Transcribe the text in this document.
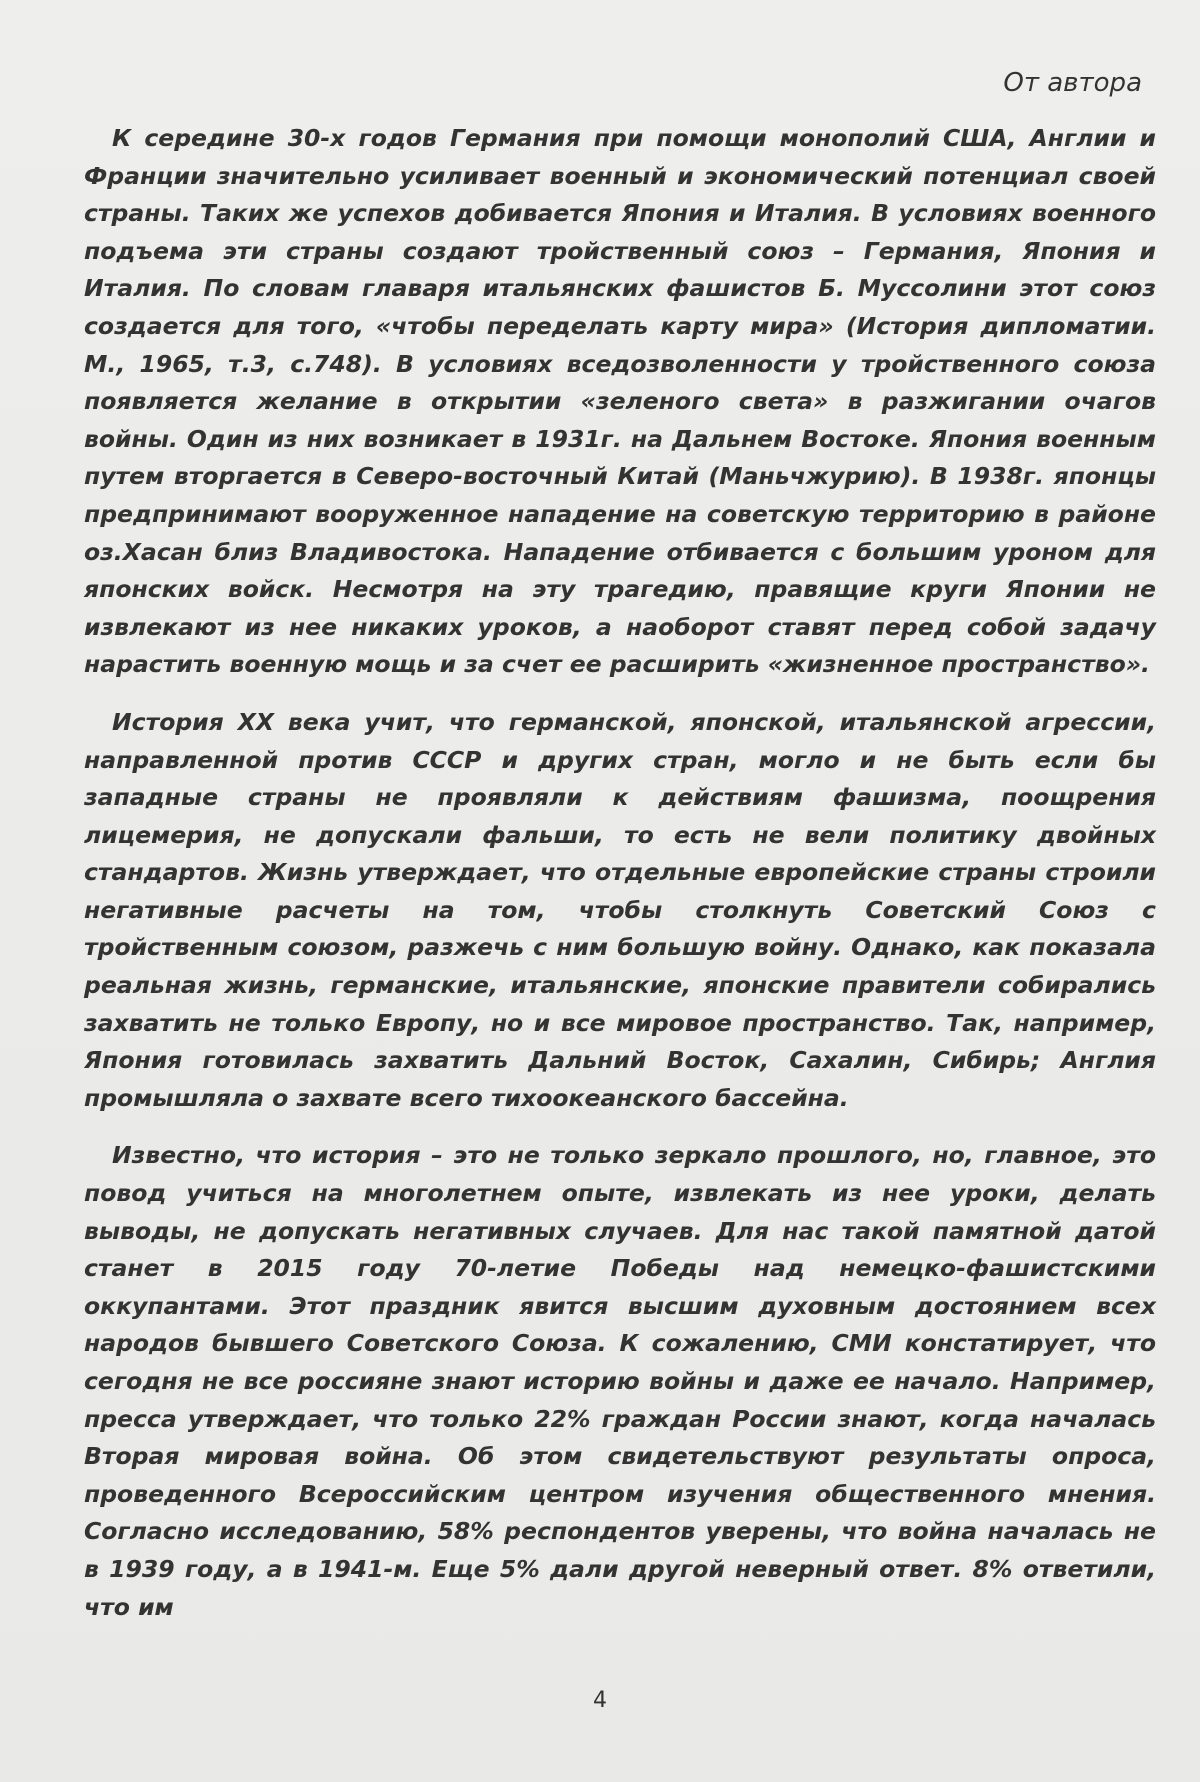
От автора

К середине 30-х годов Германия при помощи монополий США, Англии и Франции значительно усиливает военный и экономический потенциал своей страны. Таких же успехов добивается Япония и Италия. В условиях военного подъема эти страны создают тройственный союз – Германия, Япония и Италия. По словам главаря итальянских фашистов Б. Муссолини этот союз создается для того, «чтобы переделать карту мира» (История дипломатии. М., 1965, т.3, с.748). В условиях вседозволенности у тройственного союза появляется желание в открытии «зеленого света» в разжигании очагов войны. Один из них возникает в 1931г. на Дальнем Востоке. Япония военным путем вторгается в Северо-восточный Китай (Маньчжурию). В 1938г. японцы предпринимают вооруженное нападение на советскую территорию в районе оз.Хасан близ Владивостока. Нападение отбивается с большим уроном для японских войск. Несмотря на эту трагедию, правящие круги Японии не извлекают из нее никаких уроков, а наоборот ставят перед собой задачу нарастить военную мощь и за счет ее расширить «жизненное пространство».

История XX века учит, что германской, японской, итальянской агрессии, направленной против СССР и других стран, могло и не быть если бы западные страны не проявляли к действиям фашизма, поощрения лицемерия, не допускали фальши, то есть не вели политику двойных стандартов. Жизнь утверждает, что отдельные европейские страны строили негативные расчеты на том, чтобы столкнуть Советский Союз с тройственным союзом, разжечь с ним большую войну. Однако, как показала реальная жизнь, германские, итальянские, японские правители собирались захватить не только Европу, но и все мировое пространство. Так, например, Япония готовилась захватить Дальний Восток, Сахалин, Сибирь; Англия промышляла о захвате всего тихоокеанского бассейна.

Известно, что история – это не только зеркало прошлого, но, главное, это повод учиться на многолетнем опыте, извлекать из нее уроки, делать выводы, не допускать негативных случаев. Для нас такой памятной датой станет в 2015 году 70-летие Победы над немецко-фашистскими оккупантами. Этот праздник явится высшим духовным достоянием всех народов бывшего Советского Союза. К сожалению, СМИ констатирует, что сегодня не все россияне знают историю войны и даже ее начало. Например, пресса утверждает, что только 22% граждан России знают, когда началась Вторая мировая война. Об этом свидетельствуют результаты опроса, проведенного Всероссийским центром изучения общественного мнения. Согласно исследованию, 58% респондентов уверены, что война началась не в 1939 году, а в 1941-м. Еще 5% дали другой неверный ответ. 8% ответили, что им

4
